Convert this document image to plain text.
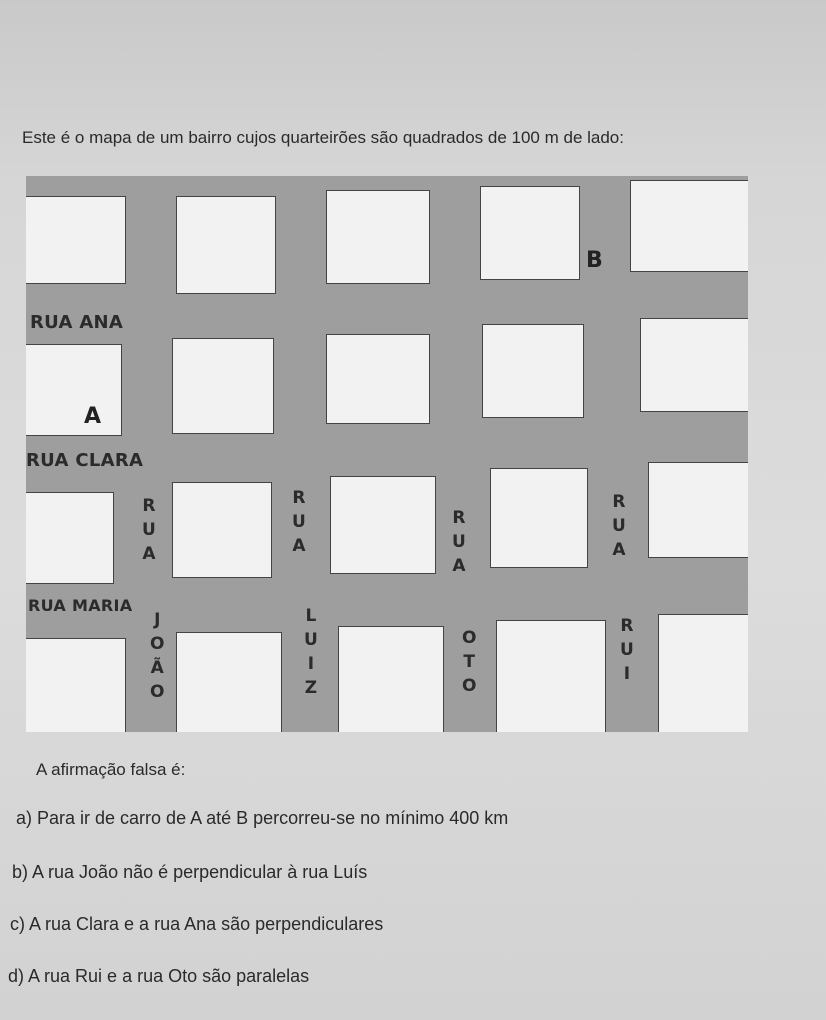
Este é o mapa de um bairro cujos quarteirões são quadrados de 100 m de lado:
RUA ANA
RUA CLARA
RUA MARIA
A
B
R
U
A
R
U
A
R
U
A
R
U
A
J
O
Ã
O
L
U
I
Z
O
T
O
R
U
I
A afirmação falsa é:
a) Para ir de carro de A até B percorreu-se no mínimo 400 km
b) A rua João não é perpendicular à rua Luís
c) A rua Clara e a rua Ana são perpendiculares
d) A rua Rui e a rua Oto são paralelas
